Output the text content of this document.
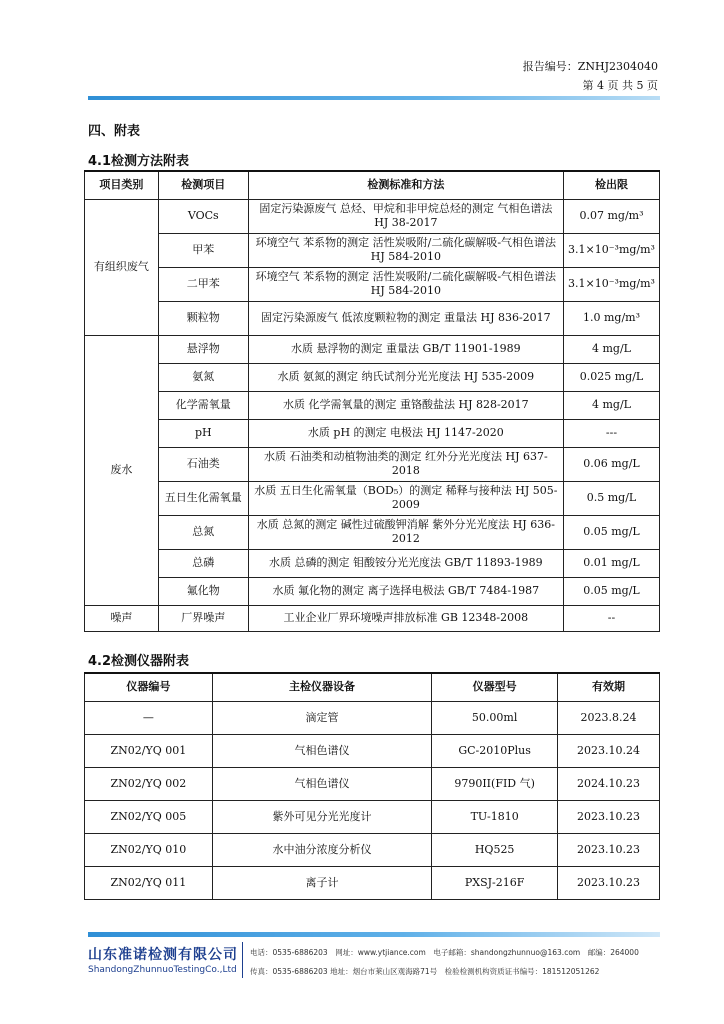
报告编号：ZNHJ2304040
第 4 页 共 5 页
四、附表
4.1检测方法附表
项目类别	检测项目	检测标准和方法	检出限
有组织废气	VOCs	固定污染源废气 总烃、甲烷和非甲烷总烃的测定 气相色谱法 HJ 38-2017	0.07 mg/m³
	甲苯	环境空气 苯系物的测定 活性炭吸附/二硫化碳解吸-气相色谱法 HJ 584-2010	3.1×10⁻³mg/m³
	二甲苯	环境空气 苯系物的测定 活性炭吸附/二硫化碳解吸-气相色谱法 HJ 584-2010	3.1×10⁻³mg/m³
	颗粒物	固定污染源废气 低浓度颗粒物的测定 重量法 HJ 836-2017	1.0 mg/m³
废水	悬浮物	水质 悬浮物的测定 重量法 GB/T 11901-1989	4 mg/L
	氨氮	水质 氨氮的测定 纳氏试剂分光光度法 HJ 535-2009	0.025 mg/L
	化学需氧量	水质 化学需氧量的测定 重铬酸盐法 HJ 828-2017	4 mg/L
	pH	水质 pH 的测定 电极法 HJ 1147-2020	---
	石油类	水质 石油类和动植物油类的测定 红外分光光度法 HJ 637-2018	0.06 mg/L
	五日生化需氧量	水质 五日生化需氧量（BOD₅）的测定 稀释与接种法 HJ 505-2009	0.5 mg/L
	总氮	水质 总氮的测定 碱性过硫酸钾消解 紫外分光光度法 HJ 636-2012	0.05 mg/L
	总磷	水质 总磷的测定 钼酸铵分光光度法 GB/T 11893-1989	0.01 mg/L
	氟化物	水质 氟化物的测定 离子选择电极法 GB/T 7484-1987	0.05 mg/L
噪声	厂界噪声	工业企业厂界环境噪声排放标准 GB 12348-2008	--
4.2检测仪器附表
仪器编号	主检仪器设备	仪器型号	有效期
—	滴定管	50.00ml	2023.8.24
ZN02/YQ 001	气相色谱仪	GC-2010Plus	2023.10.24
ZN02/YQ 002	气相色谱仪	9790II(FID 气)	2024.10.23
ZN02/YQ 005	紫外可见分光光度计	TU-1810	2023.10.23
ZN02/YQ 010	水中油分浓度分析仪	HQ525	2023.10.23
ZN02/YQ 011	离子计	PXSJ-216F	2023.10.23
山东准诺检测有限公司
ShandongZhunnuoTestingCo.,Ltd
电话：0535-6886203　网址：www.ytjiance.com　电子邮箱：shandongzhunnuo@163.com　邮编：264000
传真：0535-6886203 地址：烟台市莱山区观海路71号　检验检测机构资质证书编号：181512051262
